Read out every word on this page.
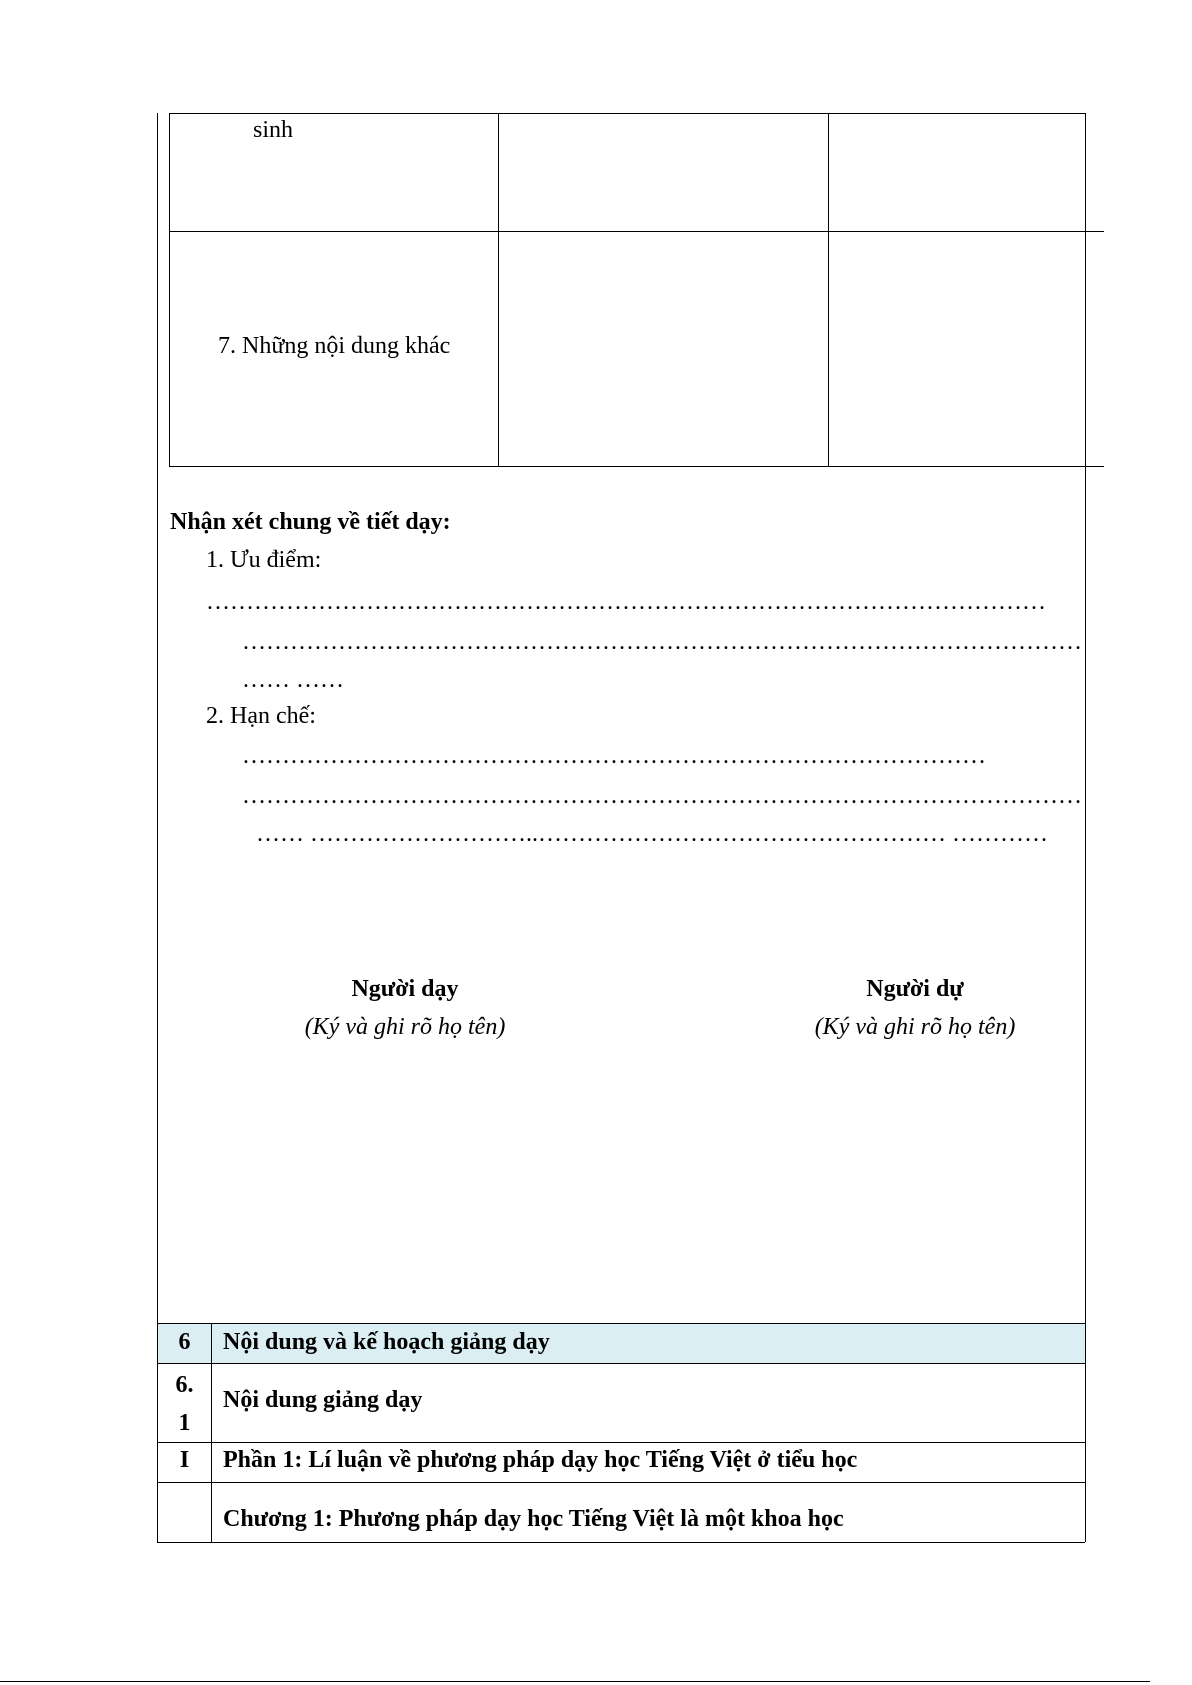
sinh
7. Những nội dung khác
Nhận xét chung về tiết dạy:
1. Ưu điểm:
……………………………………………………………………………………………
……………………………………………………………………………………………
…… ……
2. Hạn chế:
…………………………………………………………………………………
……………………………………………………………………………………………
…… ………………………..…………………………………………… …………
Người dạy
(Ký và ghi rõ họ tên)
Người dự
(Ký và ghi rõ họ tên)
6	Nội dung và kế hoạch giảng dạy
6.
1
Nội dung giảng dạy
I	Phần 1: Lí luận về phương pháp dạy học Tiếng Việt ở tiểu học
Chương 1: Phương pháp dạy học Tiếng Việt là một khoa học
